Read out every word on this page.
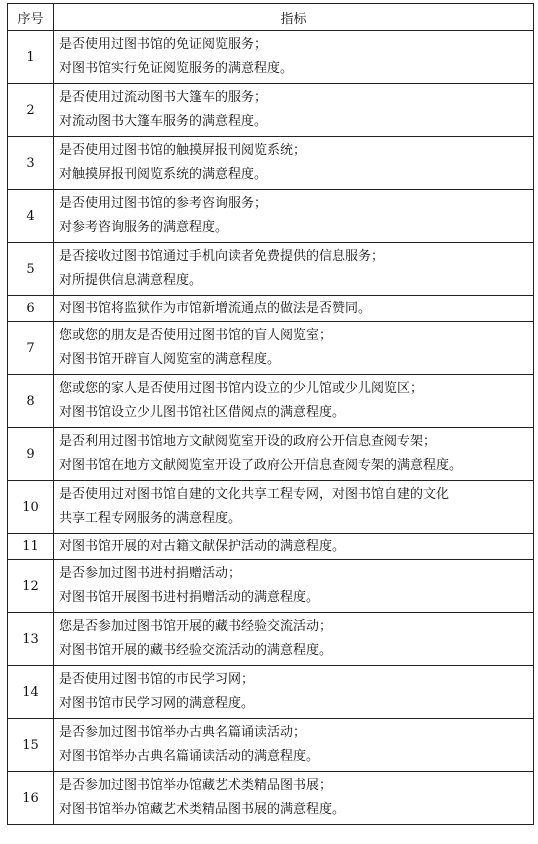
序号	指标
1	是否使用过图书馆的免证阅览服务；
对图书馆实行免证阅览服务的满意程度。

2	是否使用过流动图书大篷车的服务；
对流动图书大篷车服务的满意程度。

3	是否使用过图书馆的触摸屏报刊阅览系统；
对触摸屏报刊阅览系统的满意程度。

4	是否使用过图书馆的参考咨询服务；
对参考咨询服务的满意程度。

5	是否接收过图书馆通过手机向读者免费提供的信息服务；
对所提供信息满意程度。

6	对图书馆将监狱作为市馆新增流通点的做法是否赞同。

7	您或您的朋友是否使用过图书馆的盲人阅览室；
对图书馆开辟盲人阅览室的满意程度。

8	您或您的家人是否使用过图书馆内设立的少儿馆或少儿阅览区；
对图书馆设立少儿图书馆社区借阅点的满意程度。

9	是否利用过图书馆地方文献阅览室开设的政府公开信息查阅专架；
对图书馆在地方文献阅览室开设了政府公开信息查阅专架的满意程度。

10	是否使用过对图书馆自建的文化共享工程专网，对图书馆自建的文化
共享工程专网服务的满意程度。

11	对图书馆开展的对古籍文献保护活动的满意程度。

12	是否参加过图书进村捐赠活动；
对图书馆开展图书进村捐赠活动的满意程度。

13	您是否参加过图书馆开展的藏书经验交流活动；
对图书馆开展的藏书经验交流活动的满意程度。

14	是否使用过图书馆的市民学习网；
对图书馆市民学习网的满意程度。

15	是否参加过图书馆举办古典名篇诵读活动；
对图书馆举办古典名篇诵读活动的满意程度。

16	是否参加过图书馆举办馆藏艺术类精品图书展；
对图书馆举办馆藏艺术类精品图书展的满意程度。
